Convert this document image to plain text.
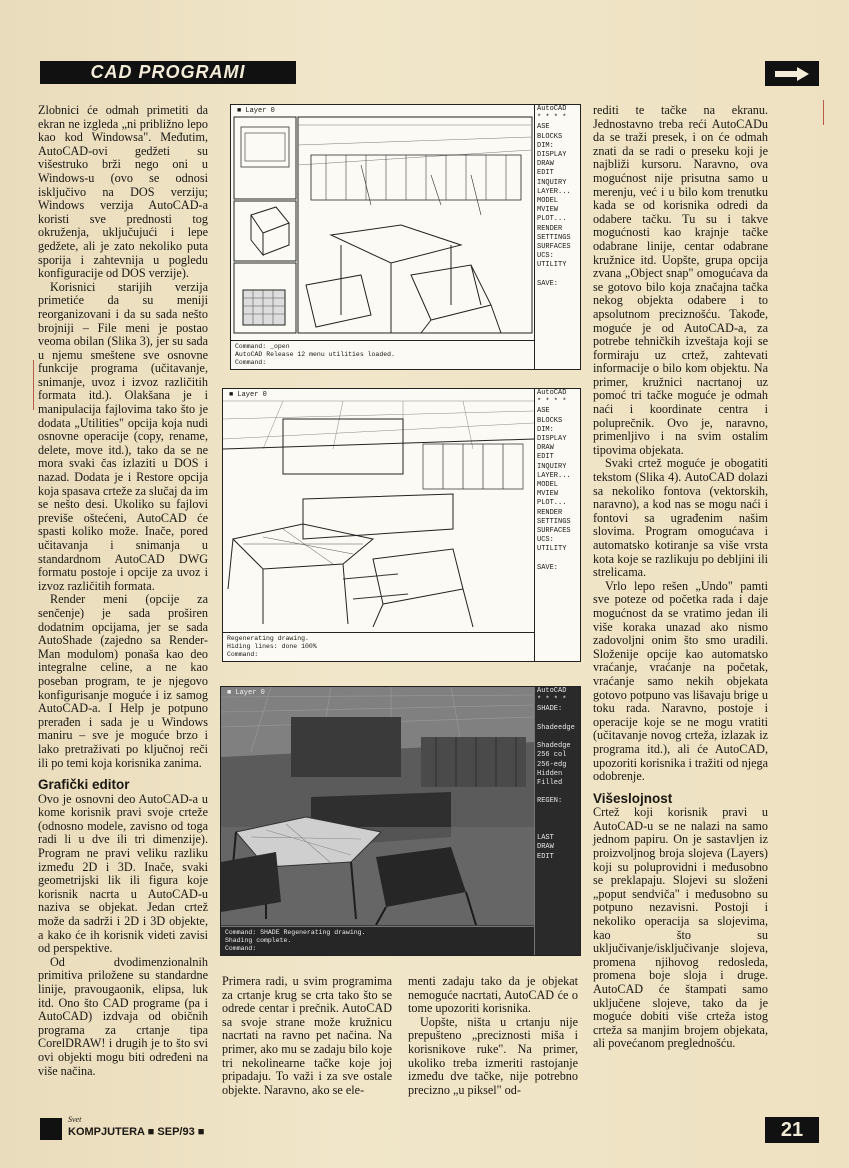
CAD PROGRAMI

Zlobnici će odmah primetiti da ekran ne izgleda „ni približno lepo kao kod Windowsa". Međutim, AutoCAD-ovi gedžeti su višestruko brži nego oni u Windows-u (ovo se odnosi isključivo na DOS verziju; Windows verzija AutoCAD-a koristi sve prednosti tog okruženja, uključujući i lepe gedžete, ali je zato nekoliko puta sporija i zahtevnija u pogledu konfiguracije od DOS verzije).

Korisnici starijih verzija primetiće da su meniji reorganizovani i da su sada nešto brojniji – File meni je postao veoma obilan (Slika 3), jer su sada u njemu smeštene sve osnovne funkcije programa (učitavanje, snimanje, uvoz i izvoz različitih formata itd.). Olakšana je i manipulacija fajlovima tako što je dodata „Utilities" opcija koja nudi osnovne operacije (copy, rename, delete, move itd.), tako da se ne mora svaki čas izlaziti u DOS i nazad. Dodata je i Restore opcija koja spasava crteže za slučaj da im se nešto desi. Ukoliko su fajlovi previše oštećeni, AutoCAD će spasti koliko može. Inače, pored učitavanja i snimanja u standardnom AutoCAD DWG formatu postoje i opcije za uvoz i izvoz različitih formata.

Render meni (opcije za senčenje) je sada proširen dodatnim opcijama, jer se sada AutoShade (zajedno sa Render-Man modulom) ponaša kao deo integralne celine, a ne kao poseban program, te je njegovo konfigurisanje moguće i iz samog AutoCAD-a. I Help je potpuno prerađen i sada je u Windows maniru – sve je moguće brzo i lako pretraživati po ključnoj reči ili po temi koja korisnika zanima.

Grafički editor

Ovo je osnovni deo AutoCAD-a u kome korisnik pravi svoje crteže (odnosno modele, zavisno od toga radi li u dve ili tri dimenzije). Program ne pravi veliku razliku između 2D i 3D. Inače, svaki geometrijski lik ili figura koje korisnik nacrta u AutoCAD-u naziva se objekat. Jedan crtež može da sadrži i 2D i 3D objekte, a kako će ih korisnik videti zavisi od perspektive.

Od dvodimenzionalnih primitiva priložene su standardne linije, pravougaonik, elipsa, luk itd. Ono što CAD programe (pa i AutoCAD) izdvaja od običnih programa za crtanje tipa CorelDRAW! i drugih je to što svi ovi objekti mogu biti određeni na više načina.

■ Layer 0	AutoCAD
* * * *
ASE
BLOCKS
DIM:
DISPLAY
DRAW
EDIT
INQUIRY
LAYER...
MODEL
MVIEW
PLOT...
RENDER
SETTINGS
SURFACES
UCS:
UTILITY

SAVE:
Command: _open
AutoCAD Release 12 menu utilities loaded.
Command:
■ Layer 0	AutoCAD
* * * *
ASE
BLOCKS
DIM:
DISPLAY
DRAW
EDIT
INQUIRY
LAYER...
MODEL
MVIEW
PLOT...
RENDER
SETTINGS
SURFACES
UCS:
UTILITY

SAVE:
Regenerating drawing.
Hiding lines: done 100%
Command:
■ Layer 0	AutoCAD
* * * *
SHADE:

Shadeedge

Shadedge
256 col
256-edg
Hidden
Filled

REGEN:

LAST
DRAW
EDIT
Command: SHADE Regenerating drawing.
Shading complete.
Command:

Primera radi, u svim programima za crtanje krug se crta tako što se odrede centar i prečnik. AutoCAD sa svoje strane može kružnicu nacrtati na ravno pet načina. Na primer, ako mu se zadaju bilo koje tri nekolinearne tačke koje joj pripadaju. To važi i za sve ostale objekte. Naravno, ako se ele-

menti zadaju tako da je objekat nemoguće nacrtati, AutoCAD će o tome upozoriti korisnika.

Uopšte, ništa u crtanju nije prepušteno „preciznosti miša i korisnikove ruke". Na primer, ukoliko treba izmeriti rastojanje između dve tačke, nije potrebno precizno „u piksel" od-

rediti te tačke na ekranu. Jednostavno treba reći AutoCADu da se traži presek, i on će odmah znati da se radi o preseku koji je najbliži kursoru. Naravno, ova mogućnost nije prisutna samo u merenju, već i u bilo kom trenutku kada se od korisnika odredi da odabere tačku. Tu su i takve mogućnosti kao krajnje tačke odabrane linije, centar odabrane kružnice itd. Uopšte, grupa opcija zvana „Object snap" omogućava da se gotovo bilo koja značajna tačka nekog objekta odabere i to apsolutnom preciznošću. Takođe, moguće je od AutoCAD-a, za potrebe tehničkih izveštaja koji se formiraju uz crtež, zahtevati informacije o bilo kom objektu. Na primer, kružnici nacrtanoj uz pomoć tri tačke moguće je odmah naći i koordinate centra i poluprečnik. Ovo je, naravno, primenljivo i na svim ostalim tipovima objekata.

Svaki crtež moguće je obogatiti tekstom (Slika 4). AutoCAD dolazi sa nekoliko fontova (vektorskih, naravno), a kod nas se mogu naći i fontovi sa ugrađenim našim slovima. Program omogućava i automatsko kotiranje sa više vrsta kota koje se razlikuju po debljini ili strelicama.

Vrlo lepo rešen „Undo" pamti sve poteze od početka rada i daje mogućnost da se vratimo jedan ili više koraka unazad ako nismo zadovoljni onim što smo uradili. Složenije opcije kao automatsko vraćanje, vraćanje na početak, vraćanje samo nekih objekata gotovo potpuno vas lišavaju brige u toku rada. Naravno, postoje i operacije koje se ne mogu vratiti (učitavanje novog crteža, izlazak iz programa itd.), ali će AutoCAD, upozoriti korisnika i tražiti od njega odobrenje.

Višeslojnost

Crtež koji korisnik pravi u AutoCAD-u se ne nalazi na samo jednom papiru. On je sastavljen iz proizvoljnog broja slojeva (Layers) koji su poluprovidni i međusobno se preklapaju. Slojevi su složeni „poput sendviča" i međusobno su potpuno nezavisni. Postoji i nekoliko operacija sa slojevima, kao što su uključivanje/isključivanje slojeva, promena njihovog redosleda, promena boje sloja i druge. AutoCAD će štampati samo uključene slojeve, tako da je moguće dobiti više crteža istog crteža sa manjim brojem objekata, ali povećanom preglednošću.

Svet
KOMPJUTERA ■ SEP/93 ■	21
